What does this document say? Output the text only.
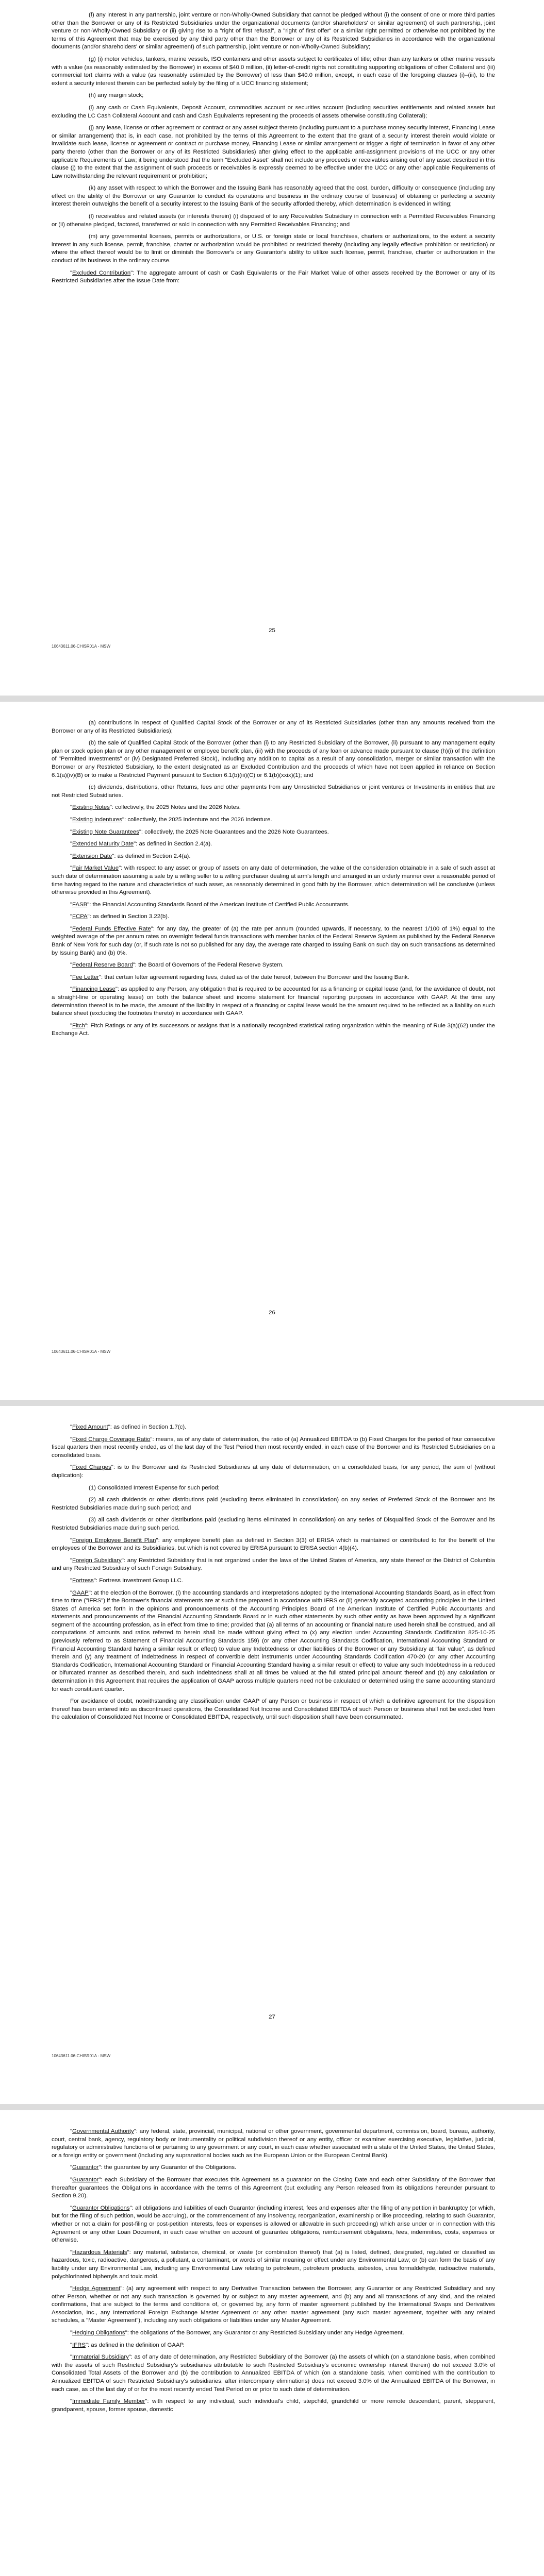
(f) any interest in any partnership, joint venture or non-Wholly-Owned Subsidiary that cannot be pledged without (i) the consent of one or more third parties other than the Borrower or any of its Restricted Subsidiaries under the organizational documents (and/or shareholders' or similar agreement) of such partnership, joint venture or non-Wholly-Owned Subsidiary or (ii) giving rise to a "right of first refusal", a "right of first offer" or a similar right permitted or otherwise not prohibited by the terms of this Agreement that may be exercised by any third party other than the Borrower or any of its Restricted Subsidiaries in accordance with the organizational documents (and/or shareholders' or similar agreement) of such partnership, joint venture or non-Wholly-Owned Subsidiary;

(g) (i) motor vehicles, tankers, marine vessels, ISO containers and other assets subject to certificates of title; other than any tankers or other marine vessels with a value (as reasonably estimated by the Borrower) in excess of $40.0 million, (ii) letter-of-credit rights not constituting supporting obligations of other Collateral and (iii) commercial tort claims with a value (as reasonably estimated by the Borrower) of less than $40.0 million, except, in each case of the foregoing clauses (i)–(iii), to the extent a security interest therein can be perfected solely by the filing of a UCC financing statement;

(h) any margin stock;

(i) any cash or Cash Equivalents, Deposit Account, commodities account or securities account (including securities entitlements and related assets but excluding the LC Cash Collateral Account and cash and Cash Equivalents representing the proceeds of assets otherwise constituting Collateral);

(j) any lease, license or other agreement or contract or any asset subject thereto (including pursuant to a purchase money security interest, Financing Lease or similar arrangement) that is, in each case, not prohibited by the terms of this Agreement to the extent that the grant of a security interest therein would violate or invalidate such lease, license or agreement or contract or purchase money, Financing Lease or similar arrangement or trigger a right of termination in favor of any other party thereto (other than the Borrower or any of its Restricted Subsidiaries) after giving effect to the applicable anti-assignment provisions of the UCC or any other applicable Requirements of Law; it being understood that the term "Excluded Asset" shall not include any proceeds or receivables arising out of any asset described in this clause (j) to the extent that the assignment of such proceeds or receivables is expressly deemed to be effective under the UCC or any other applicable Requirements of Law notwithstanding the relevant requirement or prohibition;

(k) any asset with respect to which the Borrower and the Issuing Bank has reasonably agreed that the cost, burden, difficulty or consequence (including any effect on the ability of the Borrower or any Guarantor to conduct its operations and business in the ordinary course of business) of obtaining or perfecting a security interest therein outweighs the benefit of a security interest to the Issuing Bank of the security afforded thereby, which determination is evidenced in writing;

(l) receivables and related assets (or interests therein) (i) disposed of to any Receivables Subsidiary in connection with a Permitted Receivables Financing or (ii) otherwise pledged, factored, transferred or sold in connection with any Permitted Receivables Financing; and

(m) any governmental licenses, permits or authorizations, or U.S. or foreign state or local franchises, charters or authorizations, to the extent a security interest in any such license, permit, franchise, charter or authorization would be prohibited or restricted thereby (including any legally effective prohibition or restriction) or where the effect thereof would be to limit or diminish the Borrower's or any Guarantor's ability to utilize such license, permit, franchise, charter or authorization in the conduct of its business in the ordinary course.

"Excluded Contribution": The aggregate amount of cash or Cash Equivalents or the Fair Market Value of other assets received by the Borrower or any of its Restricted Subsidiaries after the Issue Date from:

25
10643611.06-CHISR01A - MSW

(a) contributions in respect of Qualified Capital Stock of the Borrower or any of its Restricted Subsidiaries (other than any amounts received from the Borrower or any of its Restricted Subsidiaries);

(b) the sale of Qualified Capital Stock of the Borrower (other than (i) to any Restricted Subsidiary of the Borrower, (ii) pursuant to any management equity plan or stock option plan or any other management or employee benefit plan, (iii) with the proceeds of any loan or advance made pursuant to clause (h)(i) of the definition of "Permitted Investments" or (iv) Designated Preferred Stock), including any addition to capital as a result of any consolidation, merger or similar transaction with the Borrower or any Restricted Subsidiary, to the extent designated as an Excluded Contribution and the proceeds of which have not been applied in reliance on Section 6.1(a)(iv)(B) or to make a Restricted Payment pursuant to Section 6.1(b)(iii)(C) or 6.1(b)(xxix)(1); and

(c) dividends, distributions, other Returns, fees and other payments from any Unrestricted Subsidiaries or joint ventures or Investments in entities that are not Restricted Subsidiaries.

"Existing Notes": collectively, the 2025 Notes and the 2026 Notes.

"Existing Indentures": collectively, the 2025 Indenture and the 2026 Indenture.

"Existing Note Guarantees": collectively, the 2025 Note Guarantees and the 2026 Note Guarantees.

"Extended Maturity Date": as defined in Section 2.4(a).

"Extension Date": as defined in Section 2.4(a).

"Fair Market Value": with respect to any asset or group of assets on any date of determination, the value of the consideration obtainable in a sale of such asset at such date of determination assuming a sale by a willing seller to a willing purchaser dealing at arm's length and arranged in an orderly manner over a reasonable period of time having regard to the nature and characteristics of such asset, as reasonably determined in good faith by the Borrower, which determination will be conclusive (unless otherwise provided in this Agreement).

"FASB": the Financial Accounting Standards Board of the American Institute of Certified Public Accountants.

"FCPA": as defined in Section 3.22(b).

"Federal Funds Effective Rate": for any day, the greater of (a) the rate per annum (rounded upwards, if necessary, to the nearest 1/100 of 1%) equal to the weighted average of the per annum rates on overnight federal funds transactions with member banks of the Federal Reserve System as published by the Federal Reserve Bank of New York for such day (or, if such rate is not so published for any day, the average rate charged to Issuing Bank on such day on such transactions as determined by Issuing Bank) and (b) 0%.

"Federal Reserve Board": the Board of Governors of the Federal Reserve System.

"Fee Letter": that certain letter agreement regarding fees, dated as of the date hereof, between the Borrower and the Issuing Bank.

"Financing Lease": as applied to any Person, any obligation that is required to be accounted for as a financing or capital lease (and, for the avoidance of doubt, not a straight-line or operating lease) on both the balance sheet and income statement for financial reporting purposes in accordance with GAAP. At the time any determination thereof is to be made, the amount of the liability in respect of a financing or capital lease would be the amount required to be reflected as a liability on such balance sheet (excluding the footnotes thereto) in accordance with GAAP.

"Fitch": Fitch Ratings or any of its successors or assigns that is a nationally recognized statistical rating organization within the meaning of Rule 3(a)(62) under the Exchange Act.

26
10643611.06-CHISR01A - MSW

"Fixed Amount": as defined in Section 1.7(c).

"Fixed Charge Coverage Ratio": means, as of any date of determination, the ratio of (a) Annualized EBITDA to (b) Fixed Charges for the period of four consecutive fiscal quarters then most recently ended, as of the last day of the Test Period then most recently ended, in each case of the Borrower and its Restricted Subsidiaries on a consolidated basis.

"Fixed Charges": is to the Borrower and its Restricted Subsidiaries at any date of determination, on a consolidated basis, for any period, the sum of (without duplication):

(1) Consolidated Interest Expense for such period;

(2) all cash dividends or other distributions paid (excluding items eliminated in consolidation) on any series of Preferred Stock of the Borrower and its Restricted Subsidiaries made during such period; and

(3) all cash dividends or other distributions paid (excluding items eliminated in consolidation) on any series of Disqualified Stock of the Borrower and its Restricted Subsidiaries made during such period.

"Foreign Employee Benefit Plan": any employee benefit plan as defined in Section 3(3) of ERISA which is maintained or contributed to for the benefit of the employees of the Borrower and its Subsidiaries, but which is not covered by ERISA pursuant to ERISA section 4(b)(4).

"Foreign Subsidiary": any Restricted Subsidiary that is not organized under the laws of the United States of America, any state thereof or the District of Columbia and any Restricted Subsidiary of such Foreign Subsidiary.

"Fortress": Fortress Investment Group LLC.

"GAAP": at the election of the Borrower, (i) the accounting standards and interpretations adopted by the International Accounting Standards Board, as in effect from time to time ("IFRS") if the Borrower's financial statements are at such time prepared in accordance with IFRS or (ii) generally accepted accounting principles in the United States of America set forth in the opinions and pronouncements of the Accounting Principles Board of the American Institute of Certified Public Accountants and statements and pronouncements of the Financial Accounting Standards Board or in such other statements by such other entity as have been approved by a significant segment of the accounting profession, as in effect from time to time; provided that (a) all terms of an accounting or financial nature used herein shall be construed, and all computations of amounts and ratios referred to herein shall be made without giving effect to (x) any election under Accounting Standards Codification 825-10-25 (previously referred to as Statement of Financial Accounting Standards 159) (or any other Accounting Standards Codification, International Accounting Standard or Financial Accounting Standard having a similar result or effect) to value any Indebtedness or other liabilities of the Borrower or any Subsidiary at "fair value", as defined therein and (y) any treatment of Indebtedness in respect of convertible debt instruments under Accounting Standards Codification 470-20 (or any other Accounting Standards Codification, International Accounting Standard or Financial Accounting Standard having a similar result or effect) to value any such Indebtedness in a reduced or bifurcated manner as described therein, and such Indebtedness shall at all times be valued at the full stated principal amount thereof and (b) any calculation or determination in this Agreement that requires the application of GAAP across multiple quarters need not be calculated or determined using the same accounting standard for each constituent quarter.

For avoidance of doubt, notwithstanding any classification under GAAP of any Person or business in respect of which a definitive agreement for the disposition thereof has been entered into as discontinued operations, the Consolidated Net Income and Consolidated EBITDA of such Person or business shall not be excluded from the calculation of Consolidated Net Income or Consolidated EBITDA, respectively, until such disposition shall have been consummated.

27
10643611.06-CHISR01A - MSW

"Governmental Authority": any federal, state, provincial, municipal, national or other government, governmental department, commission, board, bureau, authority, court, central bank, agency, regulatory body or instrumentality or political subdivision thereof or any entity, officer or examiner exercising executive, legislative, judicial, regulatory or administrative functions of or pertaining to any government or any court, in each case whether associated with a state of the United States, the United States, or a foreign entity or government (including any supranational bodies such as the European Union or the European Central Bank).

"Guarantor": the guarantee by any Guarantor of the Obligations.

"Guarantor": each Subsidiary of the Borrower that executes this Agreement as a guarantor on the Closing Date and each other Subsidiary of the Borrower that thereafter guarantees the Obligations in accordance with the terms of this Agreement (but excluding any Person released from its obligations hereunder pursuant to Section 9.20).

"Guarantor Obligations": all obligations and liabilities of each Guarantor (including interest, fees and expenses after the filing of any petition in bankruptcy (or which, but for the filing of such petition, would be accruing), or the commencement of any insolvency, reorganization, examinership or like proceeding, relating to such Guarantor, whether or not a claim for post-filing or post-petition interests, fees or expenses is allowed or allowable in such proceeding) which arise under or in connection with this Agreement or any other Loan Document, in each case whether on account of guarantee obligations, reimbursement obligations, fees, indemnities, costs, expenses or otherwise.

"Hazardous Materials": any material, substance, chemical, or waste (or combination thereof) that (a) is listed, defined, designated, regulated or classified as hazardous, toxic, radioactive, dangerous, a pollutant, a contaminant, or words of similar meaning or effect under any Environmental Law; or (b) can form the basis of any liability under any Environmental Law, including any Environmental Law relating to petroleum, petroleum products, asbestos, urea formaldehyde, radioactive materials, polychlorinated biphenyls and toxic mold.

"Hedge Agreement": (a) any agreement with respect to any Derivative Transaction between the Borrower, any Guarantor or any Restricted Subsidiary and any other Person, whether or not any such transaction is governed by or subject to any master agreement, and (b) any and all transactions of any kind, and the related confirmations, that are subject to the terms and conditions of, or governed by, any form of master agreement published by the International Swaps and Derivatives Association, Inc., any International Foreign Exchange Master Agreement or any other master agreement (any such master agreement, together with any related schedules, a "Master Agreement"), including any such obligations or liabilities under any Master Agreement.

"Hedging Obligations": the obligations of the Borrower, any Guarantor or any Restricted Subsidiary under any Hedge Agreement.

"IFRS": as defined in the definition of GAAP.

"Immaterial Subsidiary": as of any date of determination, any Restricted Subsidiary of the Borrower (a) the assets of which (on a standalone basis, when combined with the assets of such Restricted Subsidiary's subsidiaries attributable to such Restricted Subsidiary's economic ownership interest therein) do not exceed 3.0% of Consolidated Total Assets of the Borrower and (b) the contribution to Annualized EBITDA of which (on a standalone basis, when combined with the contribution to Annualized EBITDA of such Restricted Subsidiary's subsidiaries, after intercompany eliminations) does not exceed 3.0% of the Annualized EBITDA of the Borrower, in each case, as of the last day of or for the most recently ended Test Period on or prior to such date of determination.

"Immediate Family Member": with respect to any individual, such individual's child, stepchild, grandchild or more remote descendant, parent, stepparent, grandparent, spouse, former spouse, domestic
